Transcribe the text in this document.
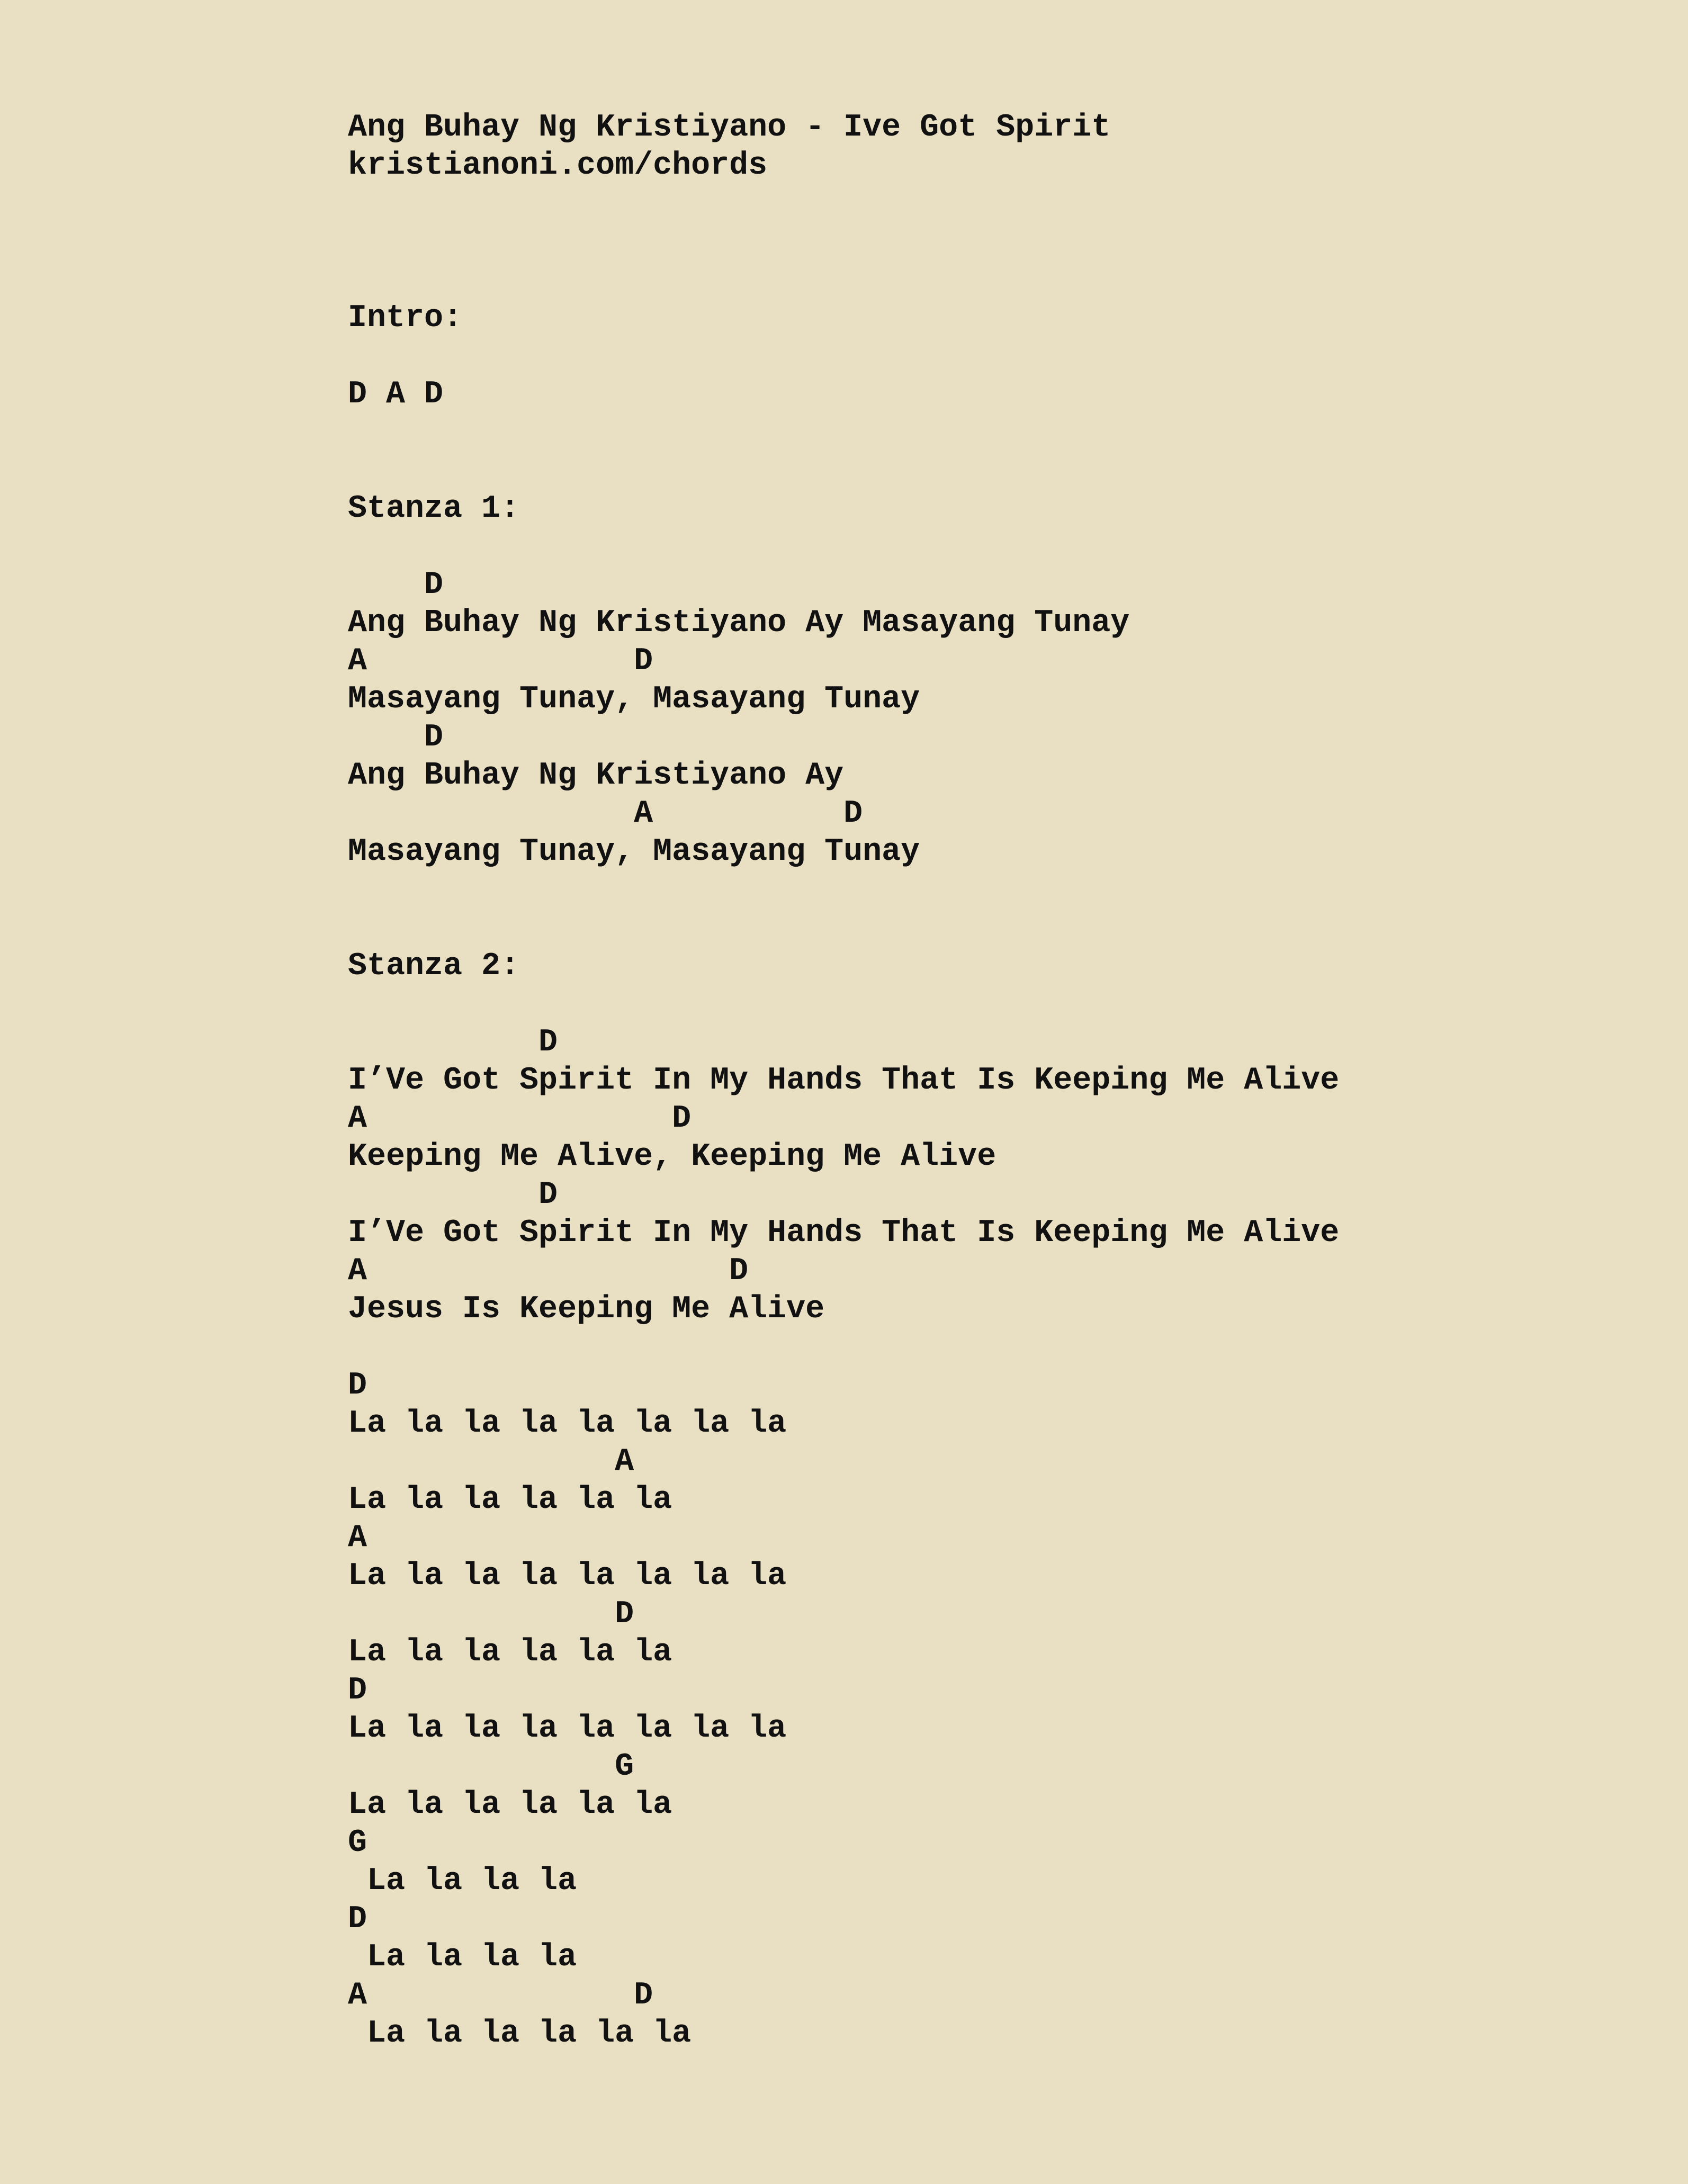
Ang Buhay Ng Kristiyano - Ive Got Spirit
kristianoni.com/chords
Intro:
D A D
Stanza 1:
D
Ang Buhay Ng Kristiyano Ay Masayang Tunay
A              D
Masayang Tunay, Masayang Tunay
D
Ang Buhay Ng Kristiyano Ay
A          D
Masayang Tunay, Masayang Tunay
Stanza 2:
D
I’Ve Got Spirit In My Hands That Is Keeping Me Alive
A                D
Keeping Me Alive, Keeping Me Alive
D
I’Ve Got Spirit In My Hands That Is Keeping Me Alive
A                   D
Jesus Is Keeping Me Alive
D
La la la la la la la la
A
La la la la la la
A
La la la la la la la la
D
La la la la la la
D
La la la la la la la la
G
La la la la la la
G
La la la la
D
La la la la
A              D
La la la la la la
